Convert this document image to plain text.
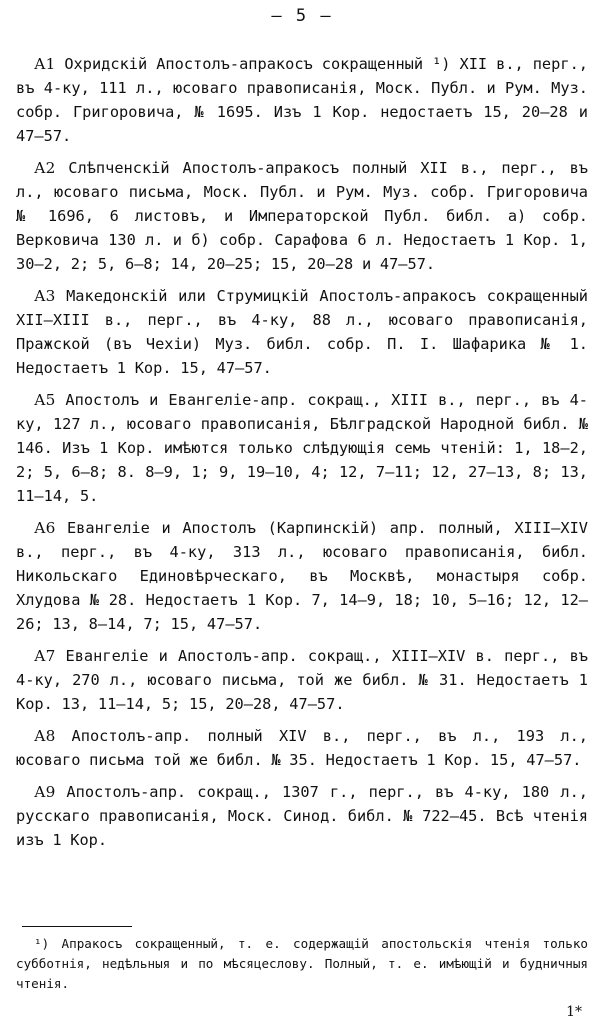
— 5 —

А1 Охридскій Апостолъ-апракосъ сокращенный ¹) XII в., перг., въ 4-ку, 111 л., юсоваго правописанія, Моск. Публ. и Рум. Муз. собр. Григоровича, № 1695. Изъ 1 Кор. недостаетъ 15, 20—28 и 47—57.

А2 Слѣпченскій Апостолъ-апракосъ полный XII в., перг., въ л., юсоваго письма, Моск. Публ. и Рум. Муз. собр. Григоровича № 1696, 6 листовъ, и Императорской Публ. библ. а) собр. Верковича 130 л. и б) собр. Сарафова 6 л. Недостаетъ 1 Кор. 1, 30—2, 2; 5, 6—8; 14, 20—25; 15, 20—28 и 47—57.

А3 Македонскій или Струмицкій Апостолъ-апракосъ сокращенный XII—XIII в., перг., въ 4-ку, 88 л., юсоваго правописанія, Пражской (въ Чехіи) Муз. библ. собр. П. І. Шафарика № 1. Недостаетъ 1 Кор. 15, 47—57.

А5 Апостолъ и Евангеліе-апр. сокращ., XIII в., перг., въ 4-ку, 127 л., юсоваго правописанія, Бѣлградской Народной библ. № 146. Изъ 1 Кор. имѣются только слѣдующія семь чтеній: 1, 18—2, 2; 5, 6—8; 8. 8—9, 1; 9, 19—10, 4; 12, 7—11; 12, 27—13, 8; 13, 11—14, 5.

А6 Евангеліе и Апостолъ (Карпинскій) апр. полный, XIII—XIV в., перг., въ 4-ку, 313 л., юсоваго правописанія, библ. Никольскаго Единовѣрческаго, въ Москвѣ, монастыря собр. Хлудова № 28. Недостаетъ 1 Кор. 7, 14—9, 18; 10, 5—16; 12, 12—26; 13, 8—14, 7; 15, 47—57.

А7 Евангеліе и Апостолъ-апр. сокращ., XIII—XIV в. перг., въ 4-ку, 270 л., юсоваго письма, той же библ. № 31. Недостаетъ 1 Кор. 13, 11—14, 5; 15, 20—28, 47—57.

А8 Апостолъ-апр. полный XIV в., перг., въ л., 193 л., юсоваго письма той же библ. № 35. Недостаетъ 1 Кор. 15, 47—57.

А9 Апостолъ-апр. сокращ., 1307 г., перг., въ 4-ку, 180 л., русскаго правописанія, Моск. Синод. библ. № 722—45. Всѣ чтенія изъ 1 Кор.

¹) Апракосъ сокращенный, т. е. содержащій апостольскія чтенія только субботнія, недѣльныя и по мѣсяцеслову. Полный, т. е. имѣющій и будничныя чтенія.
1*
